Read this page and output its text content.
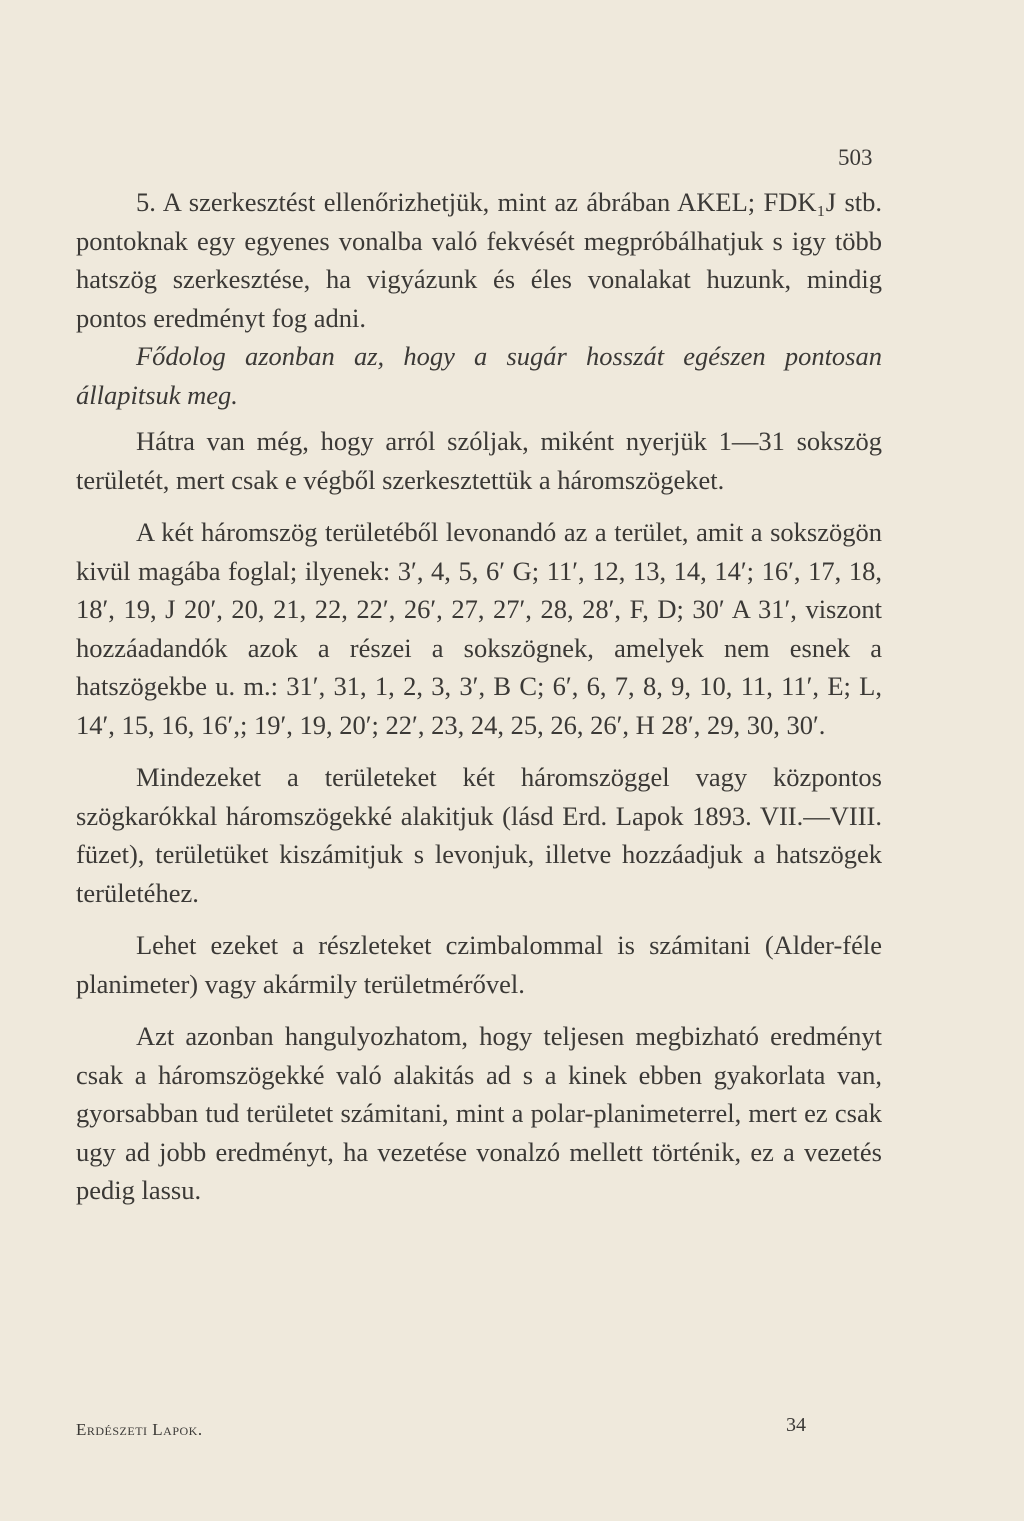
503

5. A szerkesztést ellenőrizhetjük, mint az ábrában AKEL; FDK₁J stb. pontoknak egy egyenes vonalba való fekvését megpróbálhatjuk s igy több hatszög szerkesztése, ha vigyázunk és éles vonalakat huzunk, mindig pontos eredményt fog adni.

Fődolog azonban az, hogy a sugár hosszát egészen pontosan állapitsuk meg.

Hátra van még, hogy arról szóljak, miként nyerjük 1—31 sokszög területét, mert csak e végből szerkesztettük a háromszögeket.

A két háromszög területéből levonandó az a terület, amit a sokszögön kivül magába foglal; ilyenek: 3′, 4, 5, 6′ G; 11′, 12, 13, 14, 14′; 16′, 17, 18, 18′, 19, J 20′, 20, 21, 22, 22′, 26′, 27, 27′, 28, 28′, F, D; 30′ A 31′, viszont hozzáadandók azok a részei a sokszögnek, amelyek nem esnek a hatszögekbe u. m.: 31′, 31, 1, 2, 3, 3′, B C; 6′, 6, 7, 8, 9, 10, 11, 11′, E; L, 14′, 15, 16, 16′,; 19′, 19, 20′; 22′, 23, 24, 25, 26, 26′, H 28′, 29, 30, 30′.

Mindezeket a területeket két háromszöggel vagy központos szögkarókkal háromszögekké alakitjuk (lásd Erd. Lapok 1893. VII.—VIII. füzet), területüket kiszámitjuk s levonjuk, illetve hozzáadjuk a hatszögek területéhez.

Lehet ezeket a részleteket czimbalommal is számitani (Alder-féle planimeter) vagy akármily területmérővel.

Azt azonban hangulyozhatom, hogy teljesen megbizható eredményt csak a háromszögekké való alakitás ad s a kinek ebben gyakorlata van, gyorsabban tud területet számitani, mint a polar-planimeterrel, mert ez csak ugy ad jobb eredményt, ha vezetése vonalzó mellett történik, ez a vezetés pedig lassu.

Erdészeti Lapok.	34
